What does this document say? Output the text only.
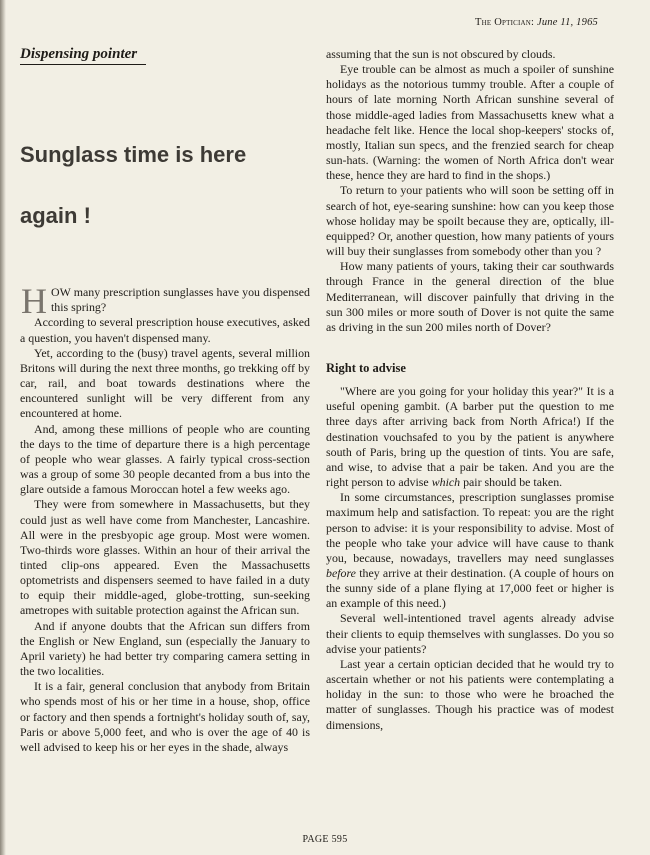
The Optician: June 11, 1965
Dispensing pointer
Sunglass time is here
again !

HOW many prescription sunglasses have you dispensed this spring?

According to several prescription house executives, asked a question, you haven't dispensed many.

Yet, according to the (busy) travel agents, several million Britons will during the next three months, go trekking off by car, rail, and boat towards destinations where the encountered sunlight will be very different from any encountered at home.

And, among these millions of people who are counting the days to the time of departure there is a high percentage of people who wear glasses. A fairly typical cross-section was a group of some 30 people decanted from a bus into the glare outside a famous Moroccan hotel a few weeks ago.

They were from somewhere in Massachusetts, but they could just as well have come from Manchester, Lancashire. All were in the presbyopic age group. Most were women. Two-thirds wore glasses. Within an hour of their arrival the tinted clip-ons appeared. Even the Massachusetts optometrists and dispensers seemed to have failed in a duty to equip their middle-aged, globe-trotting, sun-seeking ametropes with suitable protection against the African sun.

And if anyone doubts that the African sun differs from the English or New England, sun (especially the January to April variety) he had better try comparing camera setting in the two localities.

It is a fair, general conclusion that anybody from Britain who spends most of his or her time in a house, shop, office or factory and then spends a fortnight's holiday south of, say, Paris or above 5,000 feet, and who is over the age of 40 is well advised to keep his or her eyes in the shade, always

assuming that the sun is not obscured by clouds.

Eye trouble can be almost as much a spoiler of sunshine holidays as the notorious tummy trouble. After a couple of hours of late morning North African sunshine several of those middle-aged ladies from Massachusetts knew what a headache felt like. Hence the local shop-keepers' stocks of, mostly, Italian sun specs, and the frenzied search for cheap sun-hats. (Warning: the women of North Africa don't wear these, hence they are hard to find in the shops.)

To return to your patients who will soon be setting off in search of hot, eye-searing sunshine: how can you keep those whose holiday may be spoilt because they are, optically, ill-equipped? Or, another question, how many patients of yours will buy their sunglasses from somebody other than you ?

How many patients of yours, taking their car southwards through France in the general direction of the blue Mediterranean, will discover painfully that driving in the sun 300 miles or more south of Dover is not quite the same as driving in the sun 200 miles north of Dover?

Right to advise

"Where are you going for your holiday this year?" It is a useful opening gambit. (A barber put the question to me three days after arriving back from North Africa!) If the destination vouchsafed to you by the patient is anywhere south of Paris, bring up the question of tints. You are safe, and wise, to advise that a pair be taken. And you are the right person to advise which pair should be taken.

In some circumstances, prescription sunglasses promise maximum help and satisfaction. To repeat: you are the right person to advise: it is your responsibility to advise. Most of the people who take your advice will have cause to thank you, because, nowadays, travellers may need sunglasses before they arrive at their destination. (A couple of hours on the sunny side of a plane flying at 17,000 feet or higher is an example of this need.)

Several well-intentioned travel agents already advise their clients to equip themselves with sunglasses. Do you so advise your patients?

Last year a certain optician decided that he would try to ascertain whether or not his patients were contemplating a holiday in the sun: to those who were he broached the matter of sunglasses. Though his practice was of modest dimensions,

PAGE 595
